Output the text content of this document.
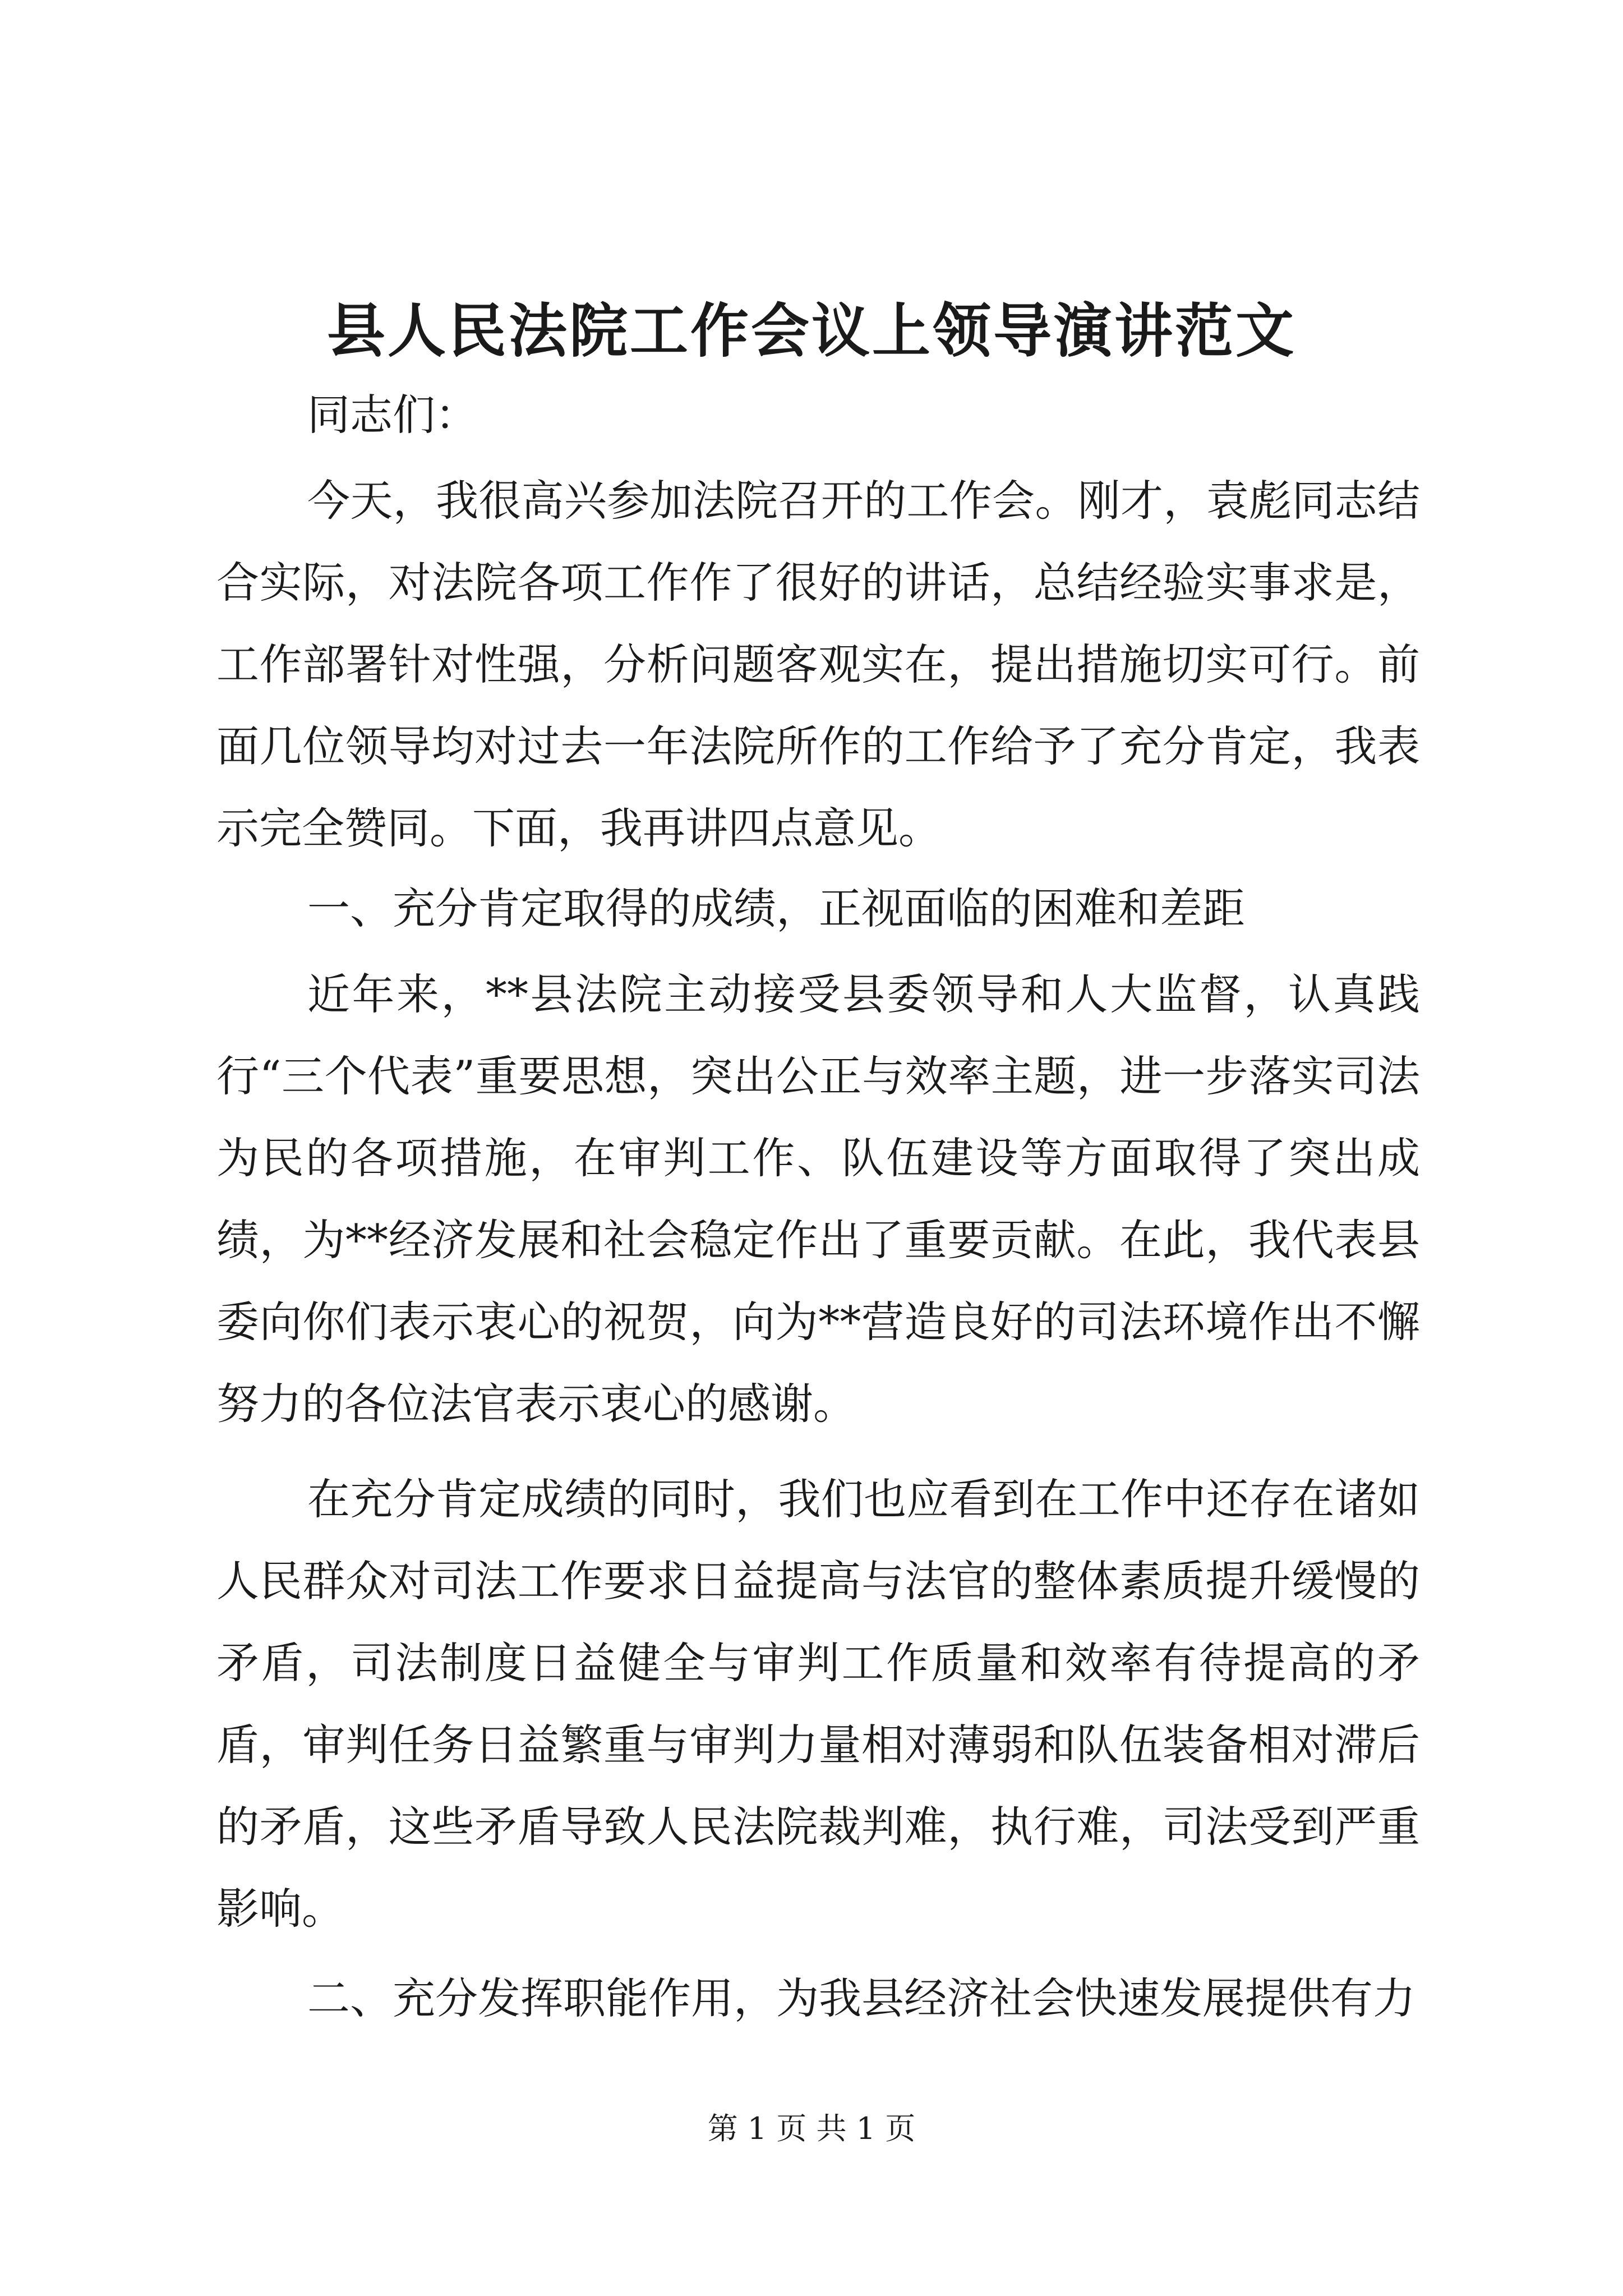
县人民法院工作会议上领导演讲范文
同志们：

今天，我很高兴参加法院召开的工作会。刚才，袁彪同志结合实际，对法院各项工作作了很好的讲话，总结经验实事求是，工作部署针对性强，分析问题客观实在，提出措施切实可行。前面几位领导均对过去一年法院所作的工作给予了充分肯定，我表示完全赞同。下面，我再讲四点意见。

一、充分肯定取得的成绩，正视面临的困难和差距

近年来，**县法院主动接受县委领导和人大监督，认真践行“三个代表”重要思想，突出公正与效率主题，进一步落实司法为民的各项措施，在审判工作、队伍建设等方面取得了突出成绩，为**经济发展和社会稳定作出了重要贡献。在此，我代表县委向你们表示衷心的祝贺，向为**营造良好的司法环境作出不懈努力的各位法官表示衷心的感谢。

在充分肯定成绩的同时，我们也应看到在工作中还存在诸如人民群众对司法工作要求日益提高与法官的整体素质提升缓慢的矛盾，司法制度日益健全与审判工作质量和效率有待提高的矛盾，审判任务日益繁重与审判力量相对薄弱和队伍装备相对滞后的矛盾，这些矛盾导致人民法院裁判难，执行难，司法受到严重影响。

二、充分发挥职能作用，为我县经济社会快速发展提供有力

第 1 页 共 1 页
